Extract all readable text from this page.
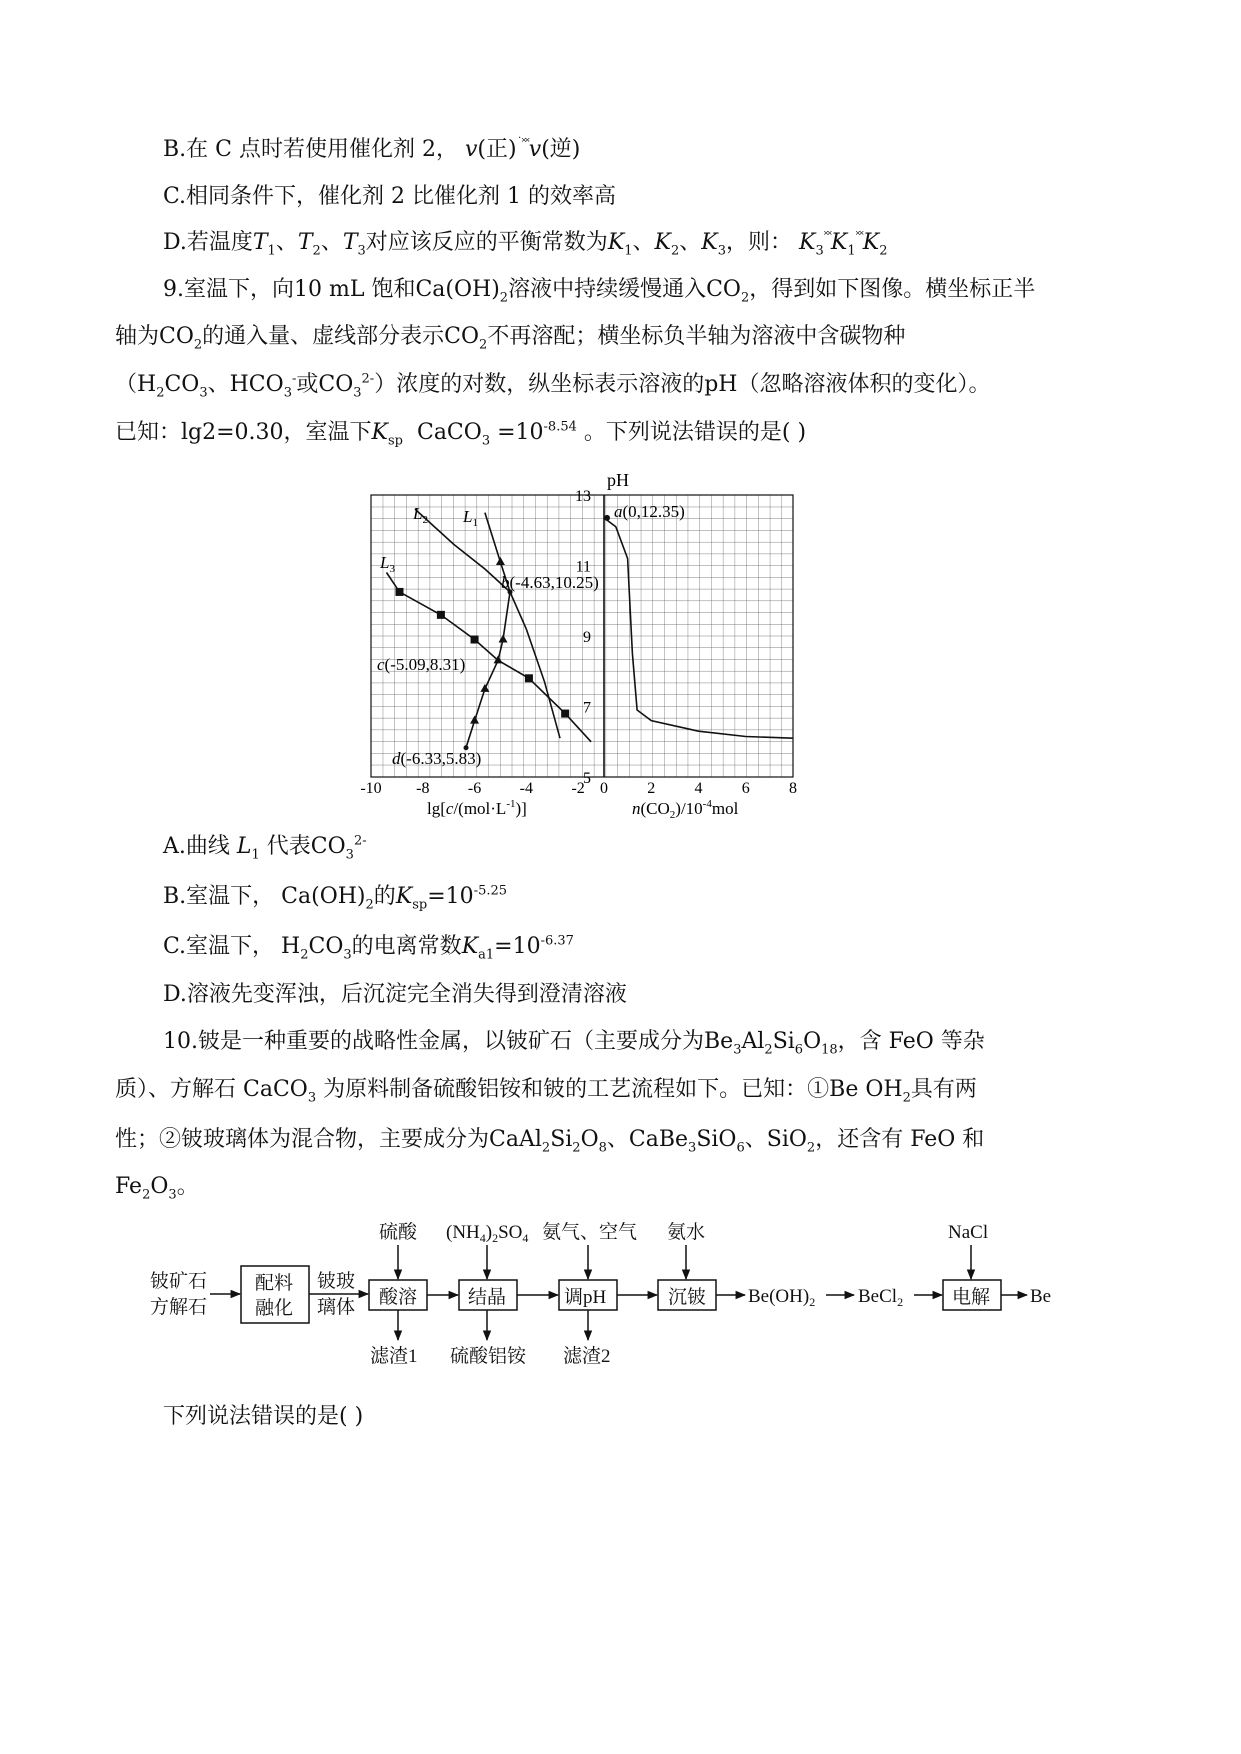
B.在 C 点时若使用催化剂 2， v(正)˙˟˟v(逆)
C.相同条件下，催化剂 2 比催化剂 1 的效率高
D.若温度$T_1$、$T_2$、$T_3$对应该反应的平衡常数为$K_1$、$K_2$、$K_3$，则： $K_3^{˟˟}K_1^{˟˟}K_2$
9.室温下，向10 mL 饱和$Ca(OH)_2$溶液中持续缓慢通入$CO_2$，得到如下图像。横坐标正半
轴为$CO_2$的通入量、虚线部分表示$CO_2$不再溶配；横坐标负半轴为溶液中含碳物种
（$H_2CO_3$、$HCO_3^-$或$CO_3^{2-}$）浓度的对数，纵坐标表示溶液的pH（忽略溶液体积的变化）。
已知：lg2=0.30，室温下$K_{sp}$ CaCO$_3$ $=10^{-8.54}$ 。下列说法错误的是( )
5
7
9
11
13
-10 -8 -6 -4 -2 0 2 4 6 8
pH
$L_2$ $L_1$
$L_3$
b(-4.63,10.25)
c(-5.09,8.31)
d(-6.33,5.83)
a(0,12.35)
$\lg[c/(mol\cdot L^{-1})]$	$n(CO_2)/10^{-4}mol$
A.曲线 $L_1$ 代表$CO_3^{2-}$
B.室温下， $Ca(OH)_2$的$K_{sp}=10^{-5.25}$
C.室温下， $H_2CO_3$的电离常数$K_{a1}=10^{-6.37}$
D.溶液先变浑浊，后沉淀完全消失得到澄清溶液
10.铍是一种重要的战略性金属，以铍矿石（主要成分为$Be_3Al_2Si_6O_{18}$，含 FeO 等杂
质）、方解石 CaCO$_3$ 为原料制备硫酸铝铵和铍的工艺流程如下。已知：①Be $OH_2$具有两
性；②铍玻璃体为混合物，主要成分为$CaAl_2Si_2O_8$、CaBe$_3$SiO$_6$、SiO$_2$，还含有 FeO 和
$Fe_2O_3$。
铍矿石
方解石
配料
融化
铍玻
璃体
硫酸
酸溶
滤渣1
$(NH_4)_2SO_4$
结晶
硫酸铝铵
氨气、空气
调pH
滤渣2
氨水
沉铍 $Be(OH)_2$ BeCl$_2$
NaCl
电解 Be
下列说法错误的是( )
